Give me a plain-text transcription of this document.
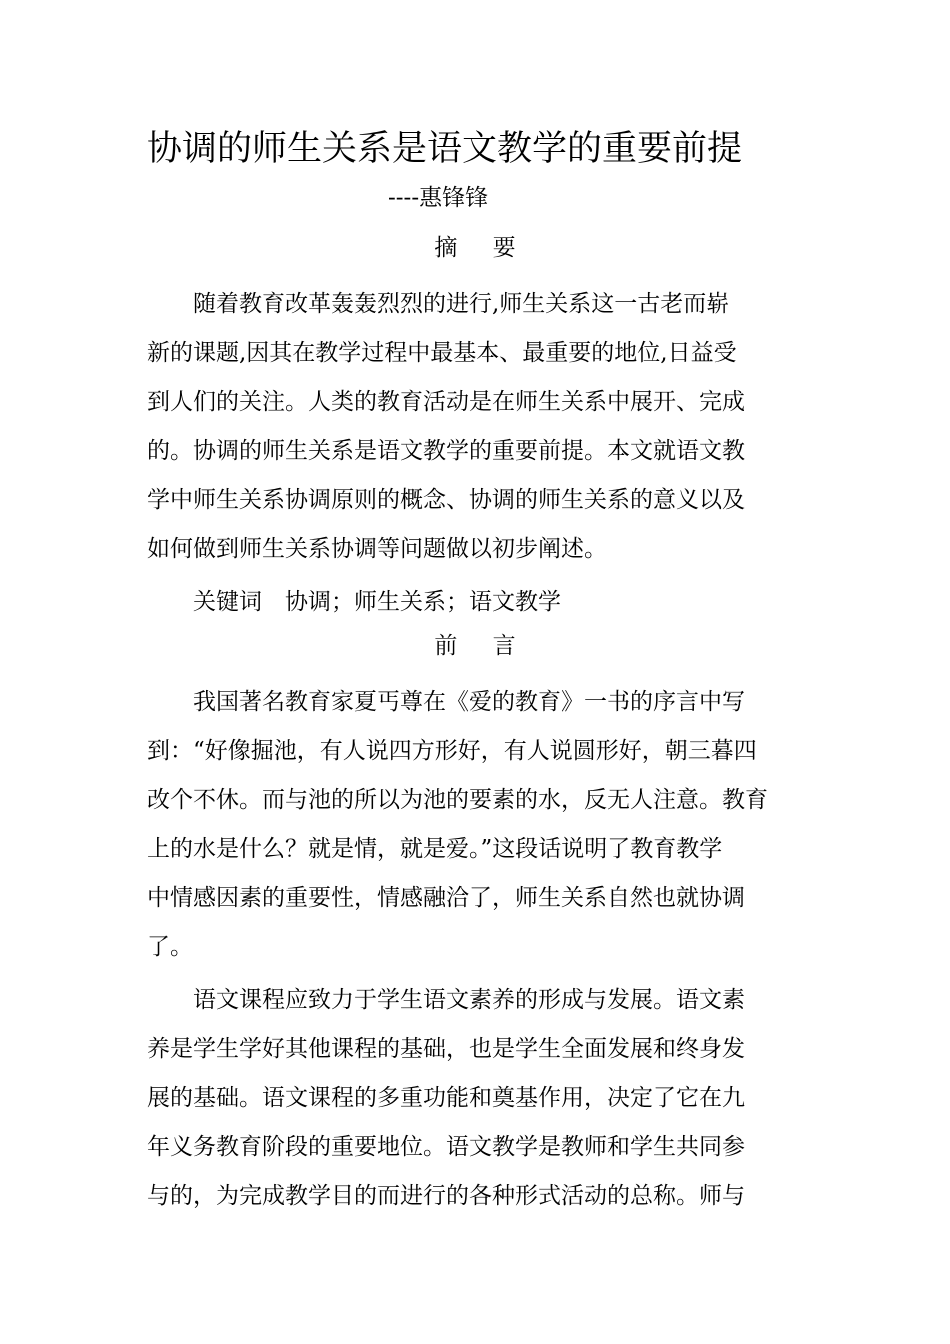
协调的师生关系是语文教学的重要前提
----惠锋锋
摘 要
　　随着教育改革轰轰烈烈的进行,师生关系这一古老而崭
新的课题,因其在教学过程中最基本、最重要的地位,日益受
到人们的关注。人类的教育活动是在师生关系中展开、完成
的。协调的师生关系是语文教学的重要前提。本文就语文教
学中师生关系协调原则的概念、协调的师生关系的意义以及
如何做到师生关系协调等问题做以初步阐述。
　　关键词　协调；师生关系；语文教学
前 言
　　我国著名教育家夏丐尊在《爱的教育》一书的序言中写
到：“好像掘池，有人说四方形好，有人说圆形好，朝三暮四
改个不休。而与池的所以为池的要素的水，反无人注意。教育
上的水是什么？就是情，就是爱。”这段话说明了教育教学
中情感因素的重要性，情感融洽了，师生关系自然也就协调
了。
　　语文课程应致力于学生语文素养的形成与发展。语文素
养是学生学好其他课程的基础，也是学生全面发展和终身发
展的基础。语文课程的多重功能和奠基作用，决定了它在九
年义务教育阶段的重要地位。语文教学是教师和学生共同参
与的，为完成教学目的而进行的各种形式活动的总称。师与
